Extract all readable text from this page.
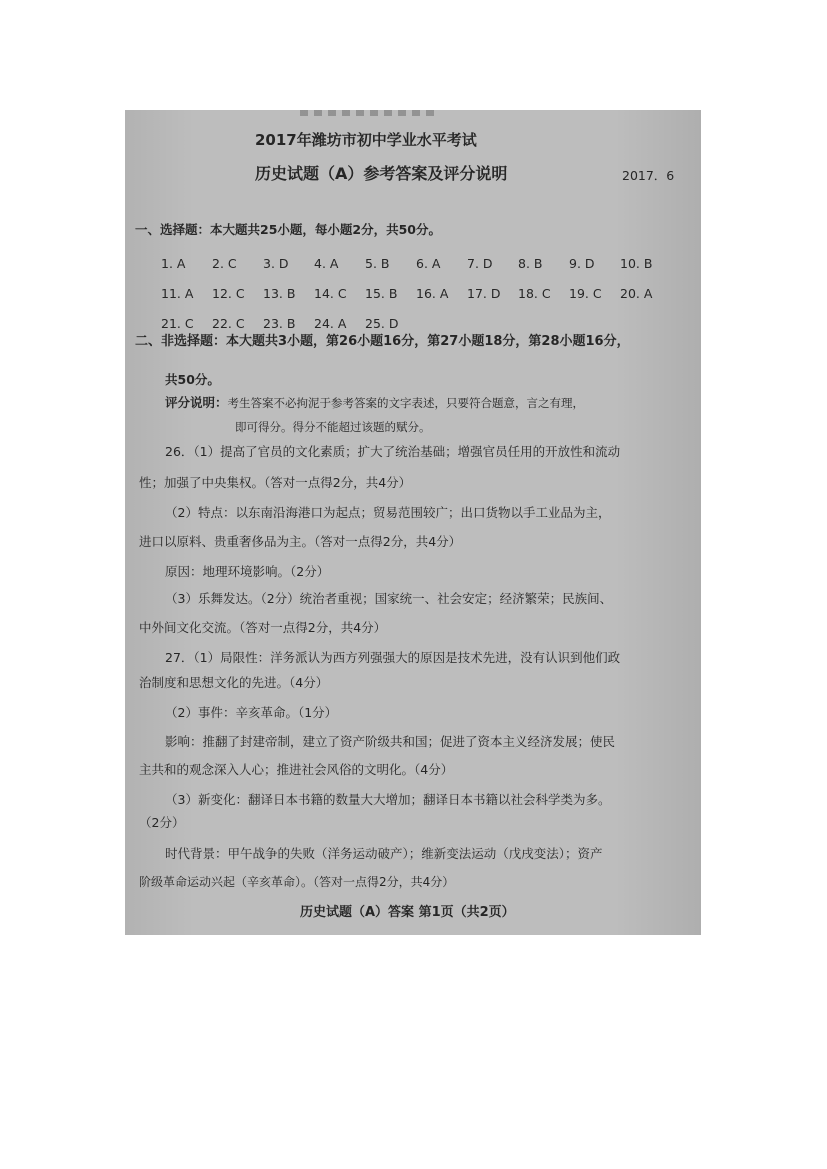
2017年潍坊市初中学业水平考试
历史试题（A）参考答案及评分说明	2017．6
一、选择题：本大题共25小题，每小题2分，共50分。
1. A 2. C 3. D 4. A 5. B 6. A 7. D 8. B 9. D 10. B
11. A 12. C 13. B 14. C 15. B 16. A 17. D 18. C 19. C 20. A
21. C 22. C 23. B 24. A 25. D
二、非选择题：本大题共3小题，第26小题16分，第27小题18分，第28小题16分，
共50分。
评分说明：考生答案不必拘泥于参考答案的文字表述，只要符合题意，言之有理，
即可得分。得分不能超过该题的赋分。
26．（1）提高了官员的文化素质；扩大了统治基础；增强官员任用的开放性和流动
性；加强了中央集权。（答对一点得2分，共4分）
（2）特点：以东南沿海港口为起点；贸易范围较广；出口货物以手工业品为主，
进口以原料、贵重奢侈品为主。（答对一点得2分，共4分）
原因：地理环境影响。（2分）
（3）乐舞发达。（2分）统治者重视；国家统一、社会安定；经济繁荣；民族间、
中外间文化交流。（答对一点得2分，共4分）
27．（1）局限性：洋务派认为西方列强强大的原因是技术先进，没有认识到他们政
治制度和思想文化的先进。（4分）
（2）事件：辛亥革命。（1分）
影响：推翻了封建帝制，建立了资产阶级共和国；促进了资本主义经济发展；使民
主共和的观念深入人心；推进社会风俗的文明化。（4分）
（3）新变化：翻译日本书籍的数量大大增加；翻译日本书籍以社会科学类为多。
（2分）
时代背景：甲午战争的失败（洋务运动破产）；维新变法运动（戊戌变法）；资产
阶级革命运动兴起（辛亥革命）。（答对一点得2分，共4分）
历史试题（A）答案 第1页（共2页）
